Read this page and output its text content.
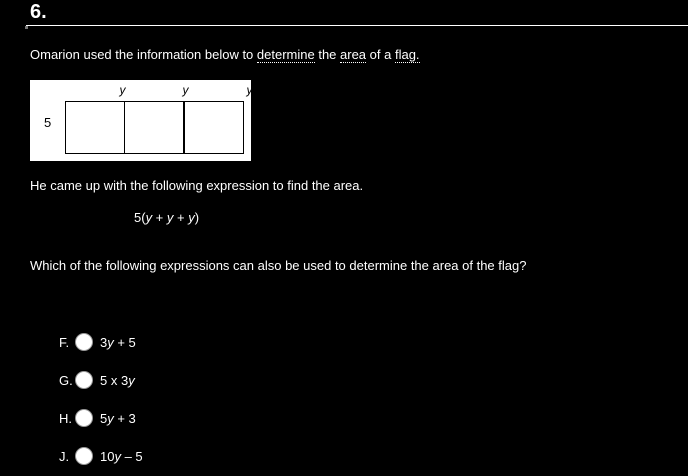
6.
Omarion used the information below to determine the area of a flag.
5
y	y	y
He came up with the following expression to find the area.
5(y + y + y)
Which of the following expressions can also be used to determine the area of the flag?
F. 3y + 5
G. 5 x 3y
H. 5y + 3
J. 10y – 5
